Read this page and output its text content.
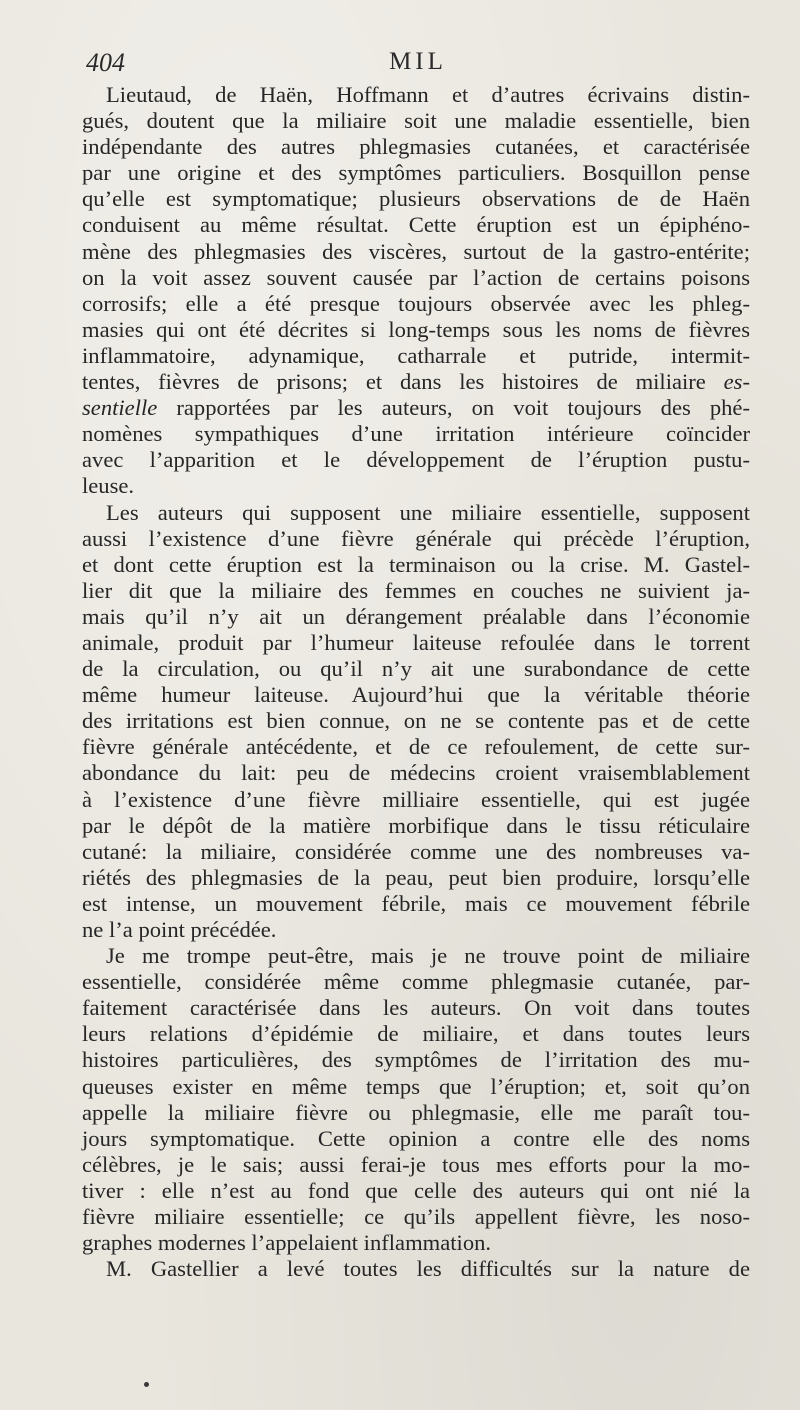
404	MIL
Lieutaud, de Haën, Hoffmann et d’autres écrivains distin-
gués, doutent que la miliaire soit une maladie essentielle, bien
indépendante des autres phlegmasies cutanées, et caractérisée
par une origine et des symptômes particuliers. Bosquillon pense
qu’elle est symptomatique; plusieurs observations de de Haën
conduisent au même résultat. Cette éruption est un épiphéno-
mène des phlegmasies des viscères, surtout de la gastro-entérite;
on la voit assez souvent causée par l’action de certains poisons
corrosifs; elle a été presque toujours observée avec les phleg-
masies qui ont été décrites si long-temps sous les noms de fièvres
inflammatoire, adynamique, catharrale et putride, intermit-
tentes, fièvres de prisons; et dans les histoires de miliaire es-
sentielle rapportées par les auteurs, on voit toujours des phé-
nomènes sympathiques d’une irritation intérieure coïncider
avec l’apparition et le développement de l’éruption pustu-
leuse.
Les auteurs qui supposent une miliaire essentielle, supposent
aussi l’existence d’une fièvre générale qui précède l’éruption,
et dont cette éruption est la terminaison ou la crise. M. Gastel-
lier dit que la miliaire des femmes en couches ne suivient ja-
mais qu’il n’y ait un dérangement préalable dans l’économie
animale, produit par l’humeur laiteuse refoulée dans le torrent
de la circulation, ou qu’il n’y ait une surabondance de cette
même humeur laiteuse. Aujourd’hui que la véritable théorie
des irritations est bien connue, on ne se contente pas et de cette
fièvre générale antécédente, et de ce refoulement, de cette sur-
abondance du lait: peu de médecins croient vraisemblablement
à l’existence d’une fièvre milliaire essentielle, qui est jugée
par le dépôt de la matière morbifique dans le tissu réticulaire
cutané: la miliaire, considérée comme une des nombreuses va-
riétés des phlegmasies de la peau, peut bien produire, lorsqu’elle
est intense, un mouvement fébrile, mais ce mouvement fébrile
ne l’a point précédée.
Je me trompe peut-être, mais je ne trouve point de miliaire
essentielle, considérée même comme phlegmasie cutanée, par-
faitement caractérisée dans les auteurs. On voit dans toutes
leurs relations d’épidémie de miliaire, et dans toutes leurs
histoires particulières, des symptômes de l’irritation des mu-
queuses exister en même temps que l’éruption; et, soit qu’on
appelle la miliaire fièvre ou phlegmasie, elle me paraît tou-
jours symptomatique. Cette opinion a contre elle des noms
célèbres, je le sais; aussi ferai-je tous mes efforts pour la mo-
tiver : elle n’est au fond que celle des auteurs qui ont nié la
fièvre miliaire essentielle; ce qu’ils appellent fièvre, les noso-
graphes modernes l’appelaient inflammation.
M. Gastellier a levé toutes les difficultés sur la nature de
